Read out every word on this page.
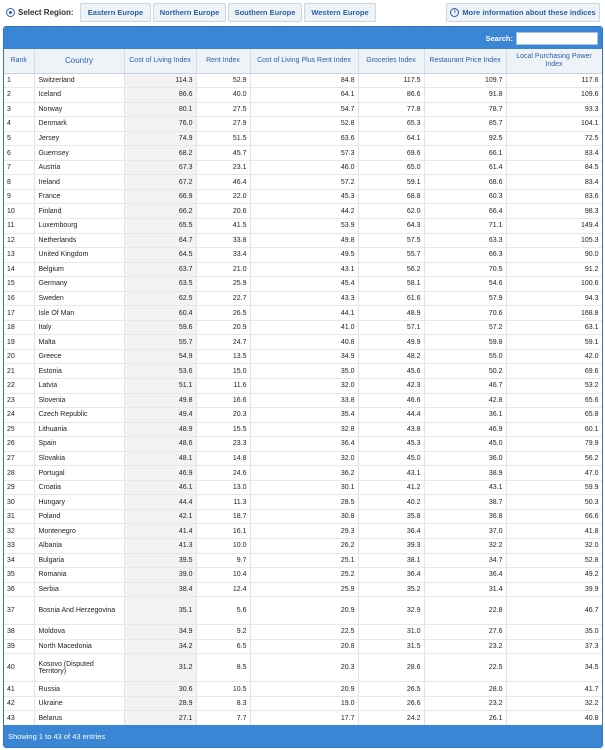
Select Region:	Eastern Europe	Northern Europe	Southern Europe	Western Europe	i More information about these indices
Search:
Rank	Country	Cost of Living Index	Rent Index	Cost of Living Plus Rent Index	Groceries Index	Restaurant Price Index	Local Purchasing Power Index
1	Switzerland	114.3	52.9	84.8	117.5	109.7	117.6
2	Iceland	86.6	40.0	64.1	86.6	91.8	109.6
3	Norway	80.1	27.5	54.7	77.8	78.7	93.3
4	Denmark	76.0	27.9	52.8	65.3	85.7	104.1
5	Jersey	74.9	51.5	63.6	64.1	92.5	72.5
6	Guernsey	68.2	45.7	57.3	69.6	66.1	83.4
7	Austria	67.3	23.1	46.0	65.0	61.4	84.5
8	Ireland	67.2	46.4	57.2	59.1	68.6	83.4
9	France	66.9	22.0	45.3	68.8	60.3	83.6
10	Finland	66.2	20.6	44.2	62.0	66.4	98.3
11	Luxembourg	65.5	41.5	53.9	64.3	71.1	149.4
12	Netherlands	64.7	33.8	49.8	57.5	63.3	105.3
13	United Kingdom	64.5	33.4	49.5	55.7	66.3	90.0
14	Belgium	63.7	21.0	43.1	56.2	70.5	91.2
15	Germany	63.5	25.9	45.4	58.1	54.6	100.6
16	Sweden	62.5	22.7	43.3	61.6	57.9	94.3
17	Isle Of Man	60.4	26.5	44.1	48.9	70.6	168.8
18	Italy	59.6	20.9	41.0	57.1	57.2	63.1
19	Malta	55.7	24.7	40.8	49.9	59.8	59.1
20	Greece	54.9	13.5	34.9	48.2	55.0	42.0
21	Estonia	53.6	15.0	35.0	45.6	50.2	69.6
22	Latvia	51.1	11.6	32.0	42.3	46.7	53.2
23	Slovenia	49.8	16.6	33.8	46.6	42.8	65.6
24	Czech Republic	49.4	20.3	35.4	44.4	36.1	65.8
25	Lithuania	48.9	15.5	32.8	43.8	46.9	60.1
26	Spain	48.6	23.3	36.4	45.3	45.0	79.9
27	Slovakia	48.1	14.8	32.0	45.0	36.0	56.2
28	Portugal	46.9	24.6	36.2	43.1	38.9	47.0
29	Croatia	46.1	13.0	30.1	41.2	43.1	59.9
30	Hungary	44.4	11.3	28.5	40.2	38.7	50.3
31	Poland	42.1	18.7	30.8	35.8	36.8	66.6
32	Montenegro	41.4	16.1	29.3	36.4	37.0	41.8
33	Albania	41.3	10.0	26.2	39.3	32.2	32.0
34	Bulgaria	39.5	9.7	25.1	38.1	34.7	52.8
35	Romania	39.0	10.4	25.2	36.4	36.4	49.2
36	Serbia	38.4	12.4	25.9	35.2	31.4	39.9
37	Bosnia And Herzegovina	35.1	5.6	20.9	32.9	22.8	46.7
38	Moldova	34.9	9.2	22.5	31.0	27.6	35.0
39	North Macedonia	34.2	6.5	20.8	31.5	23.2	37.3
40	Kosovo (Disputed Territory)	31.2	8.5	20.3	28.6	22.5	34.5
41	Russia	30.6	10.5	20.9	26.5	28.0	41.7
42	Ukraine	28.9	8.3	19.0	26.6	23.2	32.2
43	Belarus	27.1	7.7	17.7	24.2	26.1	40.8
Showing 1 to 43 of 43 entries
